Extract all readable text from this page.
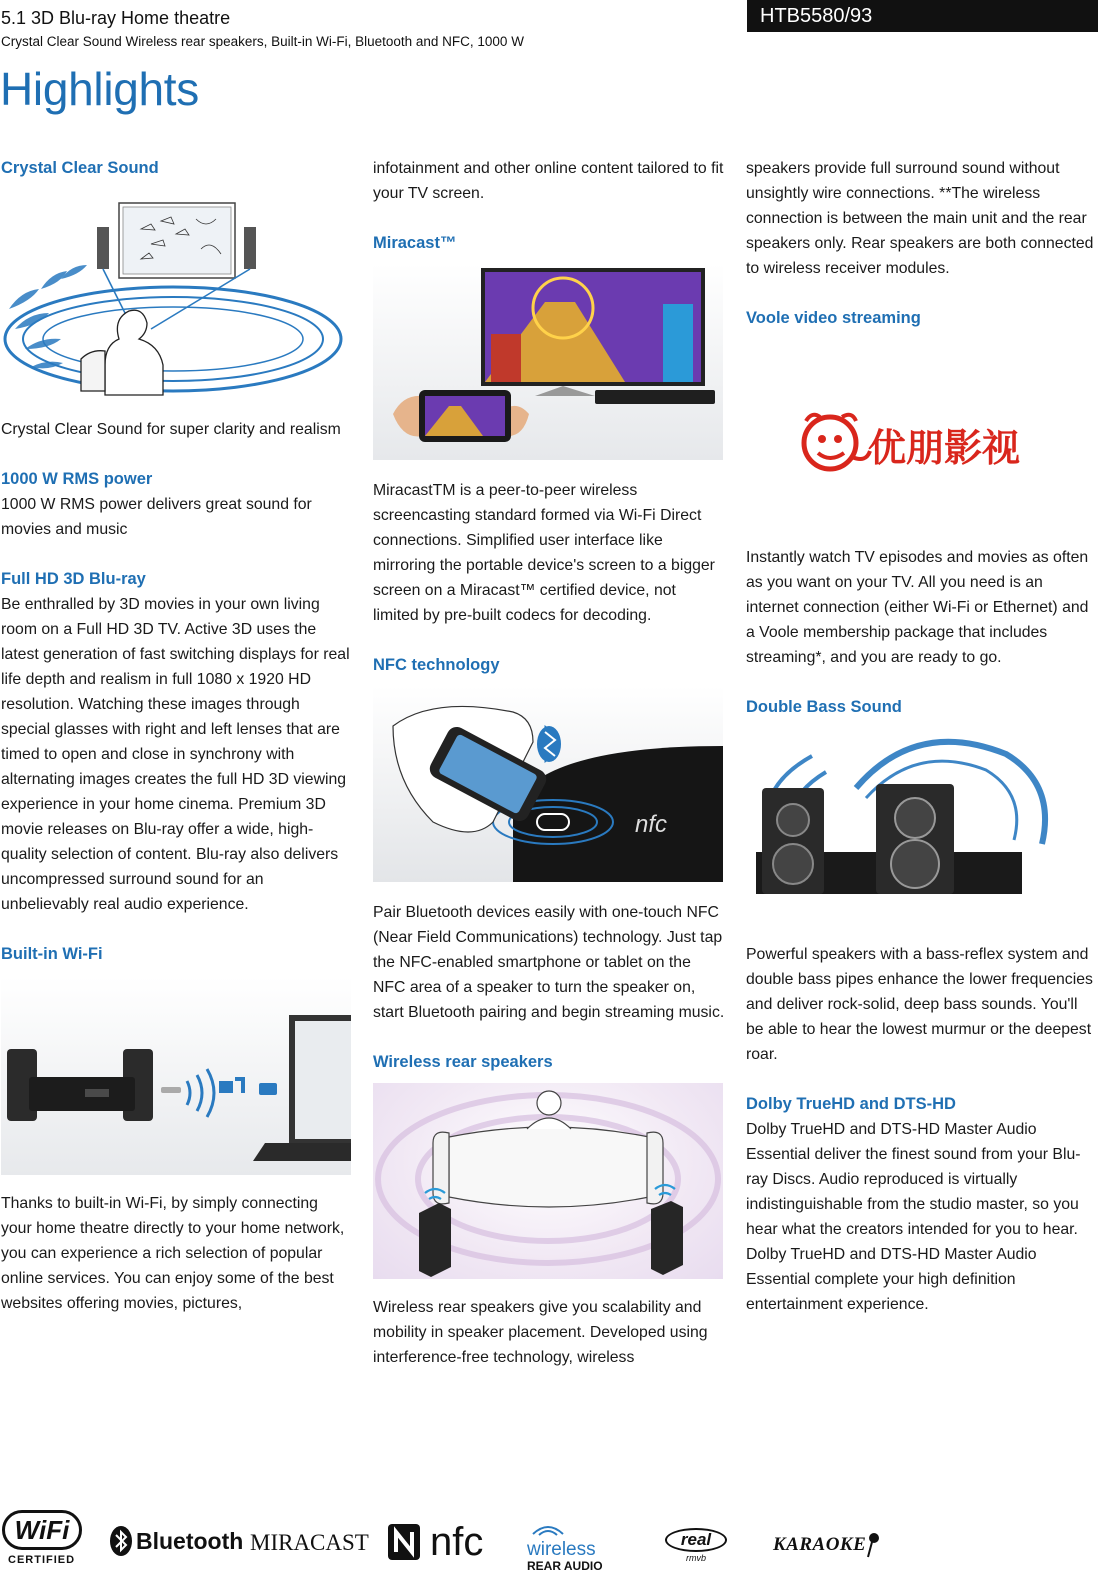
5.1 3D Blu-ray Home theatre
Crystal Clear Sound Wireless rear speakers, Built-in Wi-Fi, Bluetooth and NFC, 1000 W
HTB5580/93
Highlights
Crystal Clear Sound
Crystal Clear Sound for super clarity and realism
1000 W RMS power
1000 W RMS power delivers great sound for movies and music
Full HD 3D Blu-ray
Be enthralled by 3D movies in your own living room on a Full HD 3D TV. Active 3D uses the latest generation of fast switching displays for real life depth and realism in full 1080 x 1920 HD resolution. Watching these images through special glasses with right and left lenses that are timed to open and close in synchrony with alternating images creates the full HD 3D viewing experience in your home cinema. Premium 3D movie releases on Blu-ray offer a wide, high-quality selection of content. Blu-ray also delivers uncompressed surround sound for an unbelievably real audio experience.
Built-in Wi-Fi
Thanks to built-in Wi-Fi, by simply connecting your home theatre directly to your home network, you can experience a rich selection of popular online services. You can enjoy some of the best websites offering movies, pictures,
infotainment and other online content tailored to fit your TV screen.
Miracast™
MiracastTM is a peer-to-peer wireless screencasting standard formed via Wi-Fi Direct connections. Simplified user interface like mirroring the portable device's screen to a bigger screen on a Miracast™ certified device, not limited by pre-built codecs for decoding.
NFC technology
nfc
Pair Bluetooth devices easily with one-touch NFC (Near Field Communications) technology. Just tap the NFC-enabled smartphone or tablet on the NFC area of a speaker to turn the speaker on, start Bluetooth pairing and begin streaming music.
Wireless rear speakers
Wireless rear speakers give you scalability and mobility in speaker placement. Developed using interference-free technology, wireless
speakers provide full surround sound without unsightly wire connections. **The wireless connection is between the main unit and the rear speakers only. Rear speakers are both connected to wireless receiver modules.
Voole video streaming
优朋影视
Instantly watch TV episodes and movies as often as you want on your TV. All you need is an internet connection (either Wi-Fi or Ethernet) and a Voole membership package that includes streaming*, and you are ready to go.
Double Bass Sound
Powerful speakers with a bass-reflex system and double bass pipes enhance the lower frequencies and deliver rock-solid, deep bass sounds. You'll be able to hear the lowest murmur or the deepest roar.
Dolby TrueHD and DTS-HD
Dolby TrueHD and DTS-HD Master Audio Essential deliver the finest sound from your Blu-ray Discs. Audio reproduced is virtually indistinguishable from the studio master, so you hear what the creators intended for you to hear. Dolby TrueHD and DTS-HD Master Audio Essential complete your high definition entertainment experience.
WiFi
CERTIFIED
Bluetooth MIRACAST nfc wireless
REAR AUDIO
real
rmvb
KARAOKE
